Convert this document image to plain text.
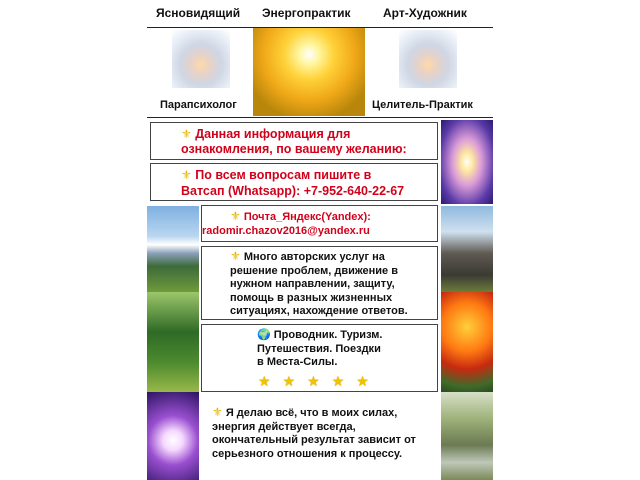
Ясновидящий Энергопрактик	Арт-Художник
Парапсихолог	Целитель-Практик
⚜ Данная информация для ознакомления, по вашему желанию:
⚜ По всем вопросам пишите в
Ватсап (Whatsapp): +7-952-640-22-67
⚜ Почта_Яндекс(Yandex):
radomir.chazov2016@yandex.ru
⚜ Много авторских услуг на
решение проблем, движение в
нужном направлении, защиту,
помощь в разных жизненных
ситуациях, нахождение ответов.
🌍 Проводник. Туризм.
Путешествия. Поездки
в Места-Силы.
★ ★ ★ ★ ★
⚜ Я делаю всё, что в моих силах,
энергия действует всегда,
окончательный результат зависит от
серьезного отношения к процессу.
